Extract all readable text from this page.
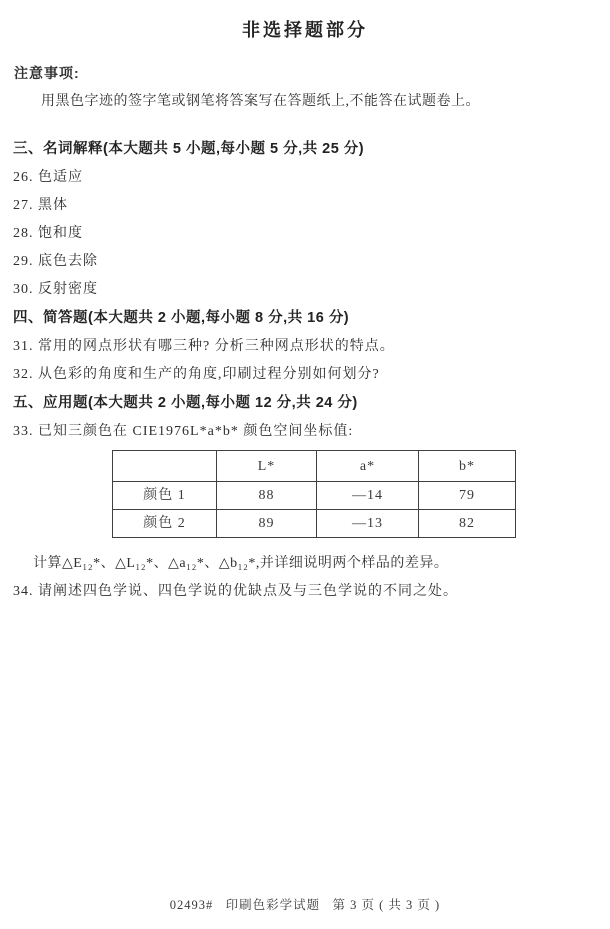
非选择题部分
注意事项:
用黑色字迹的签字笔或钢笔将答案写在答题纸上,不能答在试题卷上。
三、名词解释(本大题共 5 小题,每小题 5 分,共 25 分)
26. 色适应
27. 黑体
28. 饱和度
29. 底色去除
30. 反射密度
四、简答题(本大题共 2 小题,每小题 8 分,共 16 分)
31. 常用的网点形状有哪三种? 分析三种网点形状的特点。
32. 从色彩的角度和生产的角度,印刷过程分别如何划分?
五、应用题(本大题共 2 小题,每小题 12 分,共 24 分)
33. 已知三颜色在 CIE1976L*a*b* 颜色空间坐标值:
	L*	a*	b*
颜色 1	88	—14	79
颜色 2	89	—13	82
计算△E₁₂*、△L₁₂*、△a₁₂*、△b₁₂*,并详细说明两个样品的差异。
34. 请阐述四色学说、四色学说的优缺点及与三色学说的不同之处。
02493#   印刷色彩学试题   第 3 页 ( 共 3 页 )
